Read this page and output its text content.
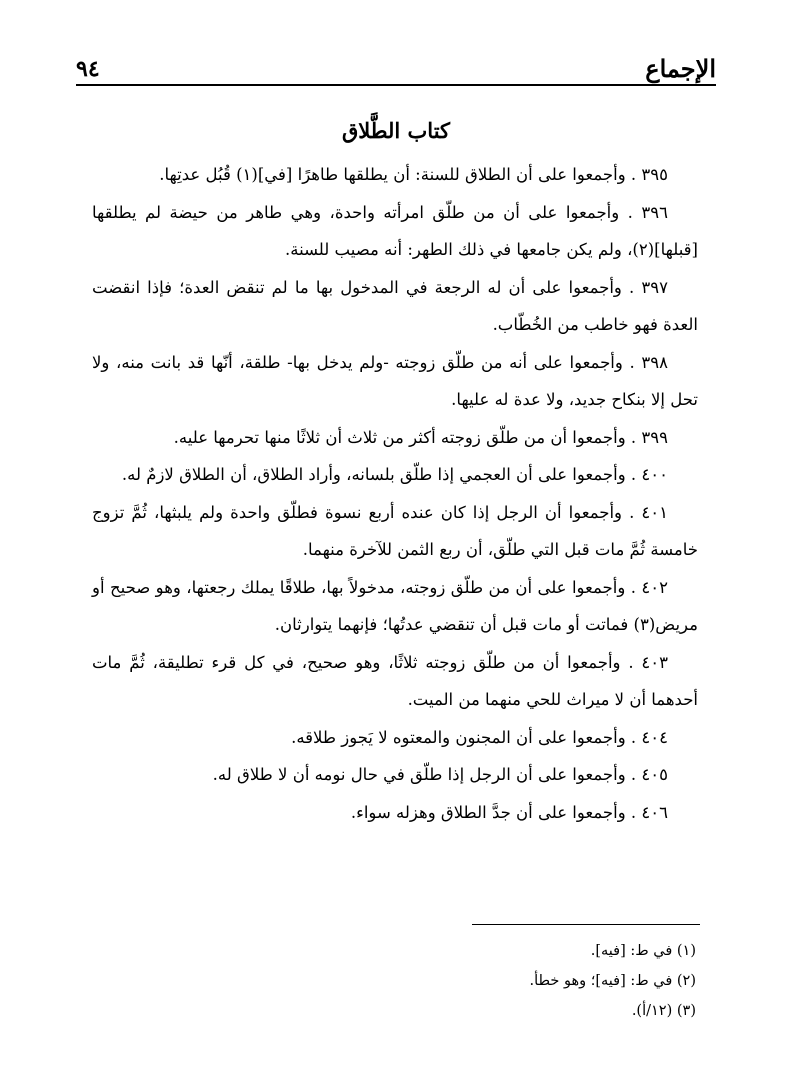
٩٤	الإجماع
كتاب الطَّلاق

٣٩٥ . وأجمعوا على أن الطلاق للسنة: أن يطلقها طاهرًا [في](١) قُبُل عدتِها.

٣٩٦ . وأجمعوا على أن من طلّق امرأته واحدة، وهي طاهر من حيضة لم يطلقها [قبلها](٢)، ولم يكن جامعها في ذلك الطهر: أنه مصيب للسنة.

٣٩٧ . وأجمعوا على أن له الرجعة في المدخول بها ما لم تنقض العدة؛ فإذا انقضت العدة فهو خاطب من الخُطّاب.

٣٩٨ . وأجمعوا على أنه من طلّق زوجته -ولم يدخل بها- طلقة، أنّها قد بانت منه، ولا تحل إلا بنكاح جديد، ولا عدة له عليها.

٣٩٩ . وأجمعوا أن من طلّق زوجته أكثر من ثلاث أن ثلاثًا منها تحرمها عليه.

٤٠٠ . وأجمعوا على أن العجمي إذا طلّق بلسانه، وأراد الطلاق، أن الطلاق لازمٌ له.

٤٠١ . وأجمعوا أن الرجل إذا كان عنده أربع نسوة فطلّق واحدة ولم يلبثها، ثُمَّ تزوج خامسة ثُمَّ مات قبل التي طلّق، أن ربع الثمن للآخرة منهما.

٤٠٢ . وأجمعوا على أن من طلّق زوجته، مدخولاً بها، طلاقًا يملك رجعتها، وهو صحيح أو مريض(٣) فماتت أو مات قبل أن تنقضي عدتُها؛ فإنهما يتوارثان.

٤٠٣ . وأجمعوا أن من طلّق زوجته ثلاثًا، وهو صحيح، في كل قرء تطليقة، ثُمَّ مات أحدهما أن لا ميراث للحي منهما من الميت.

٤٠٤ . وأجمعوا على أن المجنون والمعتوه لا يَجوز طلاقه.

٤٠٥ . وأجمعوا على أن الرجل إذا طلّق في حال نومه أن لا طلاق له.

٤٠٦ . وأجمعوا على أن جدَّ الطلاق وهزله سواء.

(١) في ط: [فيه].

(٢) في ط: [فيه]؛ وهو خطأ.

(٣) (١٢/أ).
